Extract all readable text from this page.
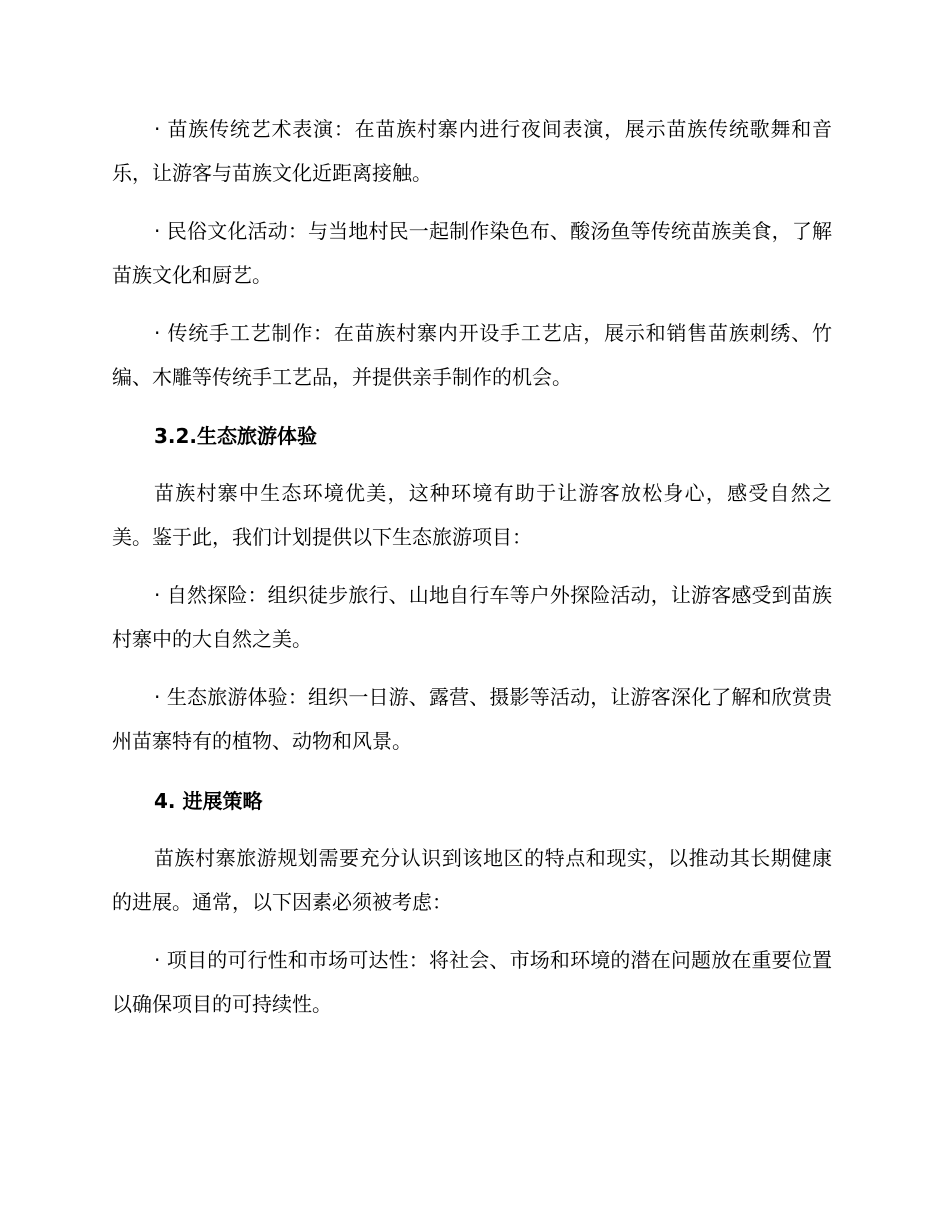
· 苗族传统艺术表演：在苗族村寨内进行夜间表演，展示苗族传统歌舞和音乐，让游客与苗族文化近距离接触。

· 民俗文化活动：与当地村民一起制作染色布、酸汤鱼等传统苗族美食，了解苗族文化和厨艺。

· 传统手工艺制作：在苗族村寨内开设手工艺店，展示和销售苗族刺绣、竹编、木雕等传统手工艺品，并提供亲手制作的机会。

3.2.生态旅游体验

苗族村寨中生态环境优美，这种环境有助于让游客放松身心，感受自然之美。鉴于此，我们计划提供以下生态旅游项目：

· 自然探险：组织徒步旅行、山地自行车等户外探险活动，让游客感受到苗族村寨中的大自然之美。

· 生态旅游体验：组织一日游、露营、摄影等活动，让游客深化了解和欣赏贵州苗寨特有的植物、动物和风景。

4. 进展策略

苗族村寨旅游规划需要充分认识到该地区的特点和现实，以推动其长期健康的进展。通常，以下因素必须被考虑：

· 项目的可行性和市场可达性：将社会、市场和环境的潜在问题放在重要位置以确保项目的可持续性。
